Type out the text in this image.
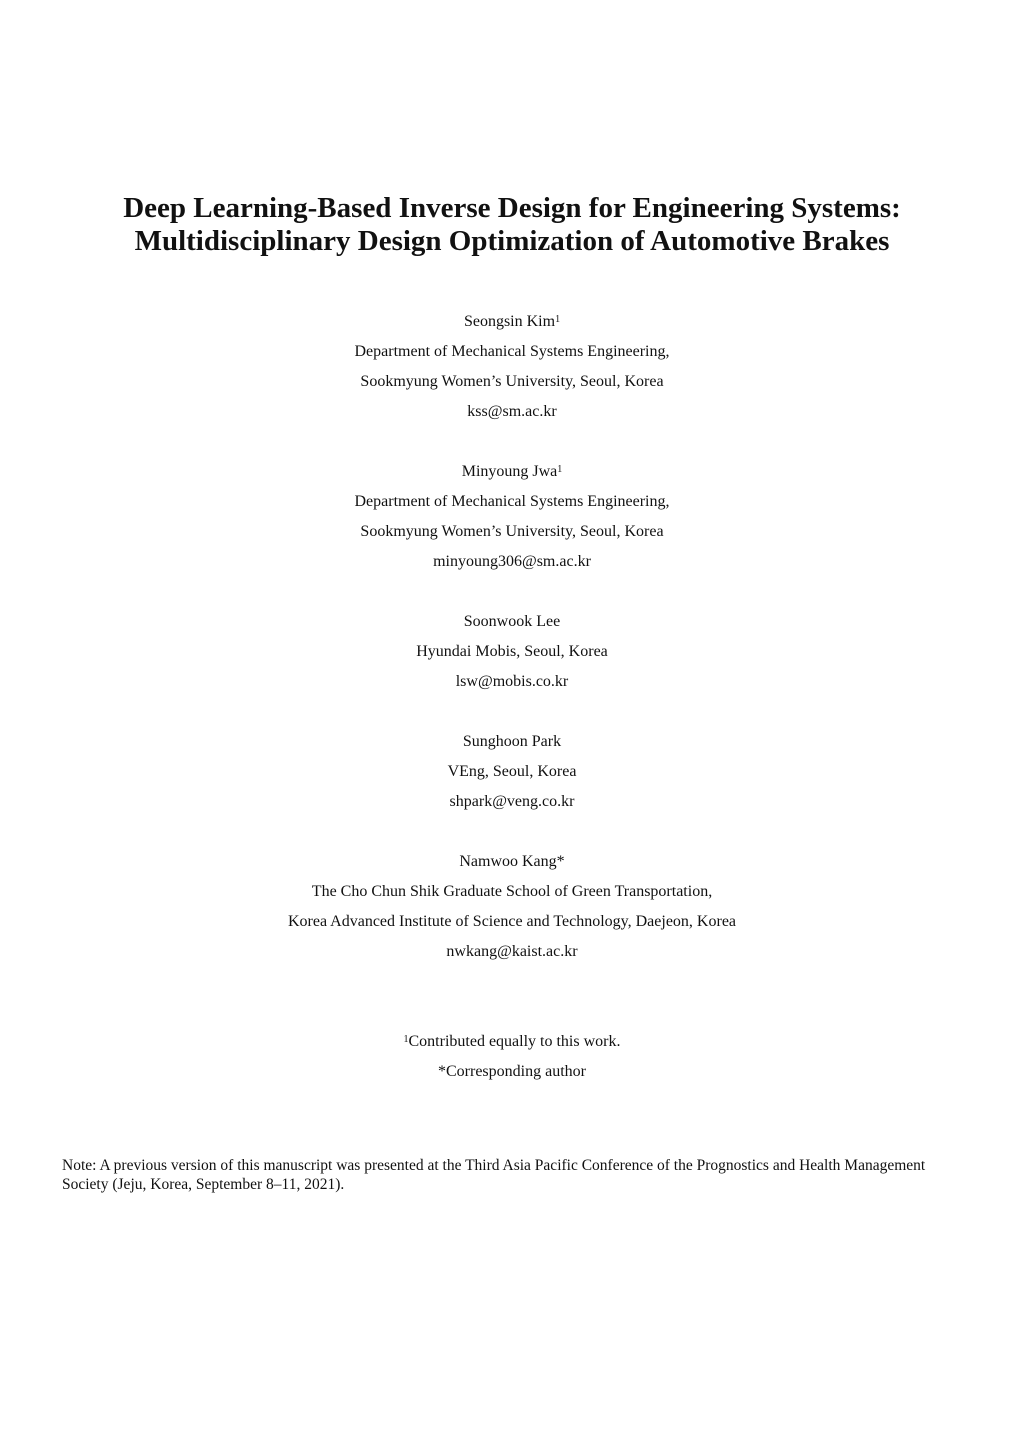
Deep Learning-Based Inverse Design for Engineering Systems:
Multidisciplinary Design Optimization of Automotive Brakes
Seongsin Kim$^1$
Department of Mechanical Systems Engineering,
Sookmyung Women’s University, Seoul, Korea
kss@sm.ac.kr
Minyoung Jwa$^1$
Department of Mechanical Systems Engineering,
Sookmyung Women’s University, Seoul, Korea
minyoung306@sm.ac.kr
Soonwook Lee
Hyundai Mobis, Seoul, Korea
lsw@mobis.co.kr
Sunghoon Park
VEng, Seoul, Korea
shpark@veng.co.kr
Namwoo Kang*
The Cho Chun Shik Graduate School of Green Transportation,
Korea Advanced Institute of Science and Technology, Daejeon, Korea
nwkang@kaist.ac.kr
$^1$Contributed equally to this work.
*Corresponding author
Note: A previous version of this manuscript was presented at the Third Asia Pacific Conference of the Prognostics and Health Management Society (Jeju, Korea, September 8–11, 2021).
